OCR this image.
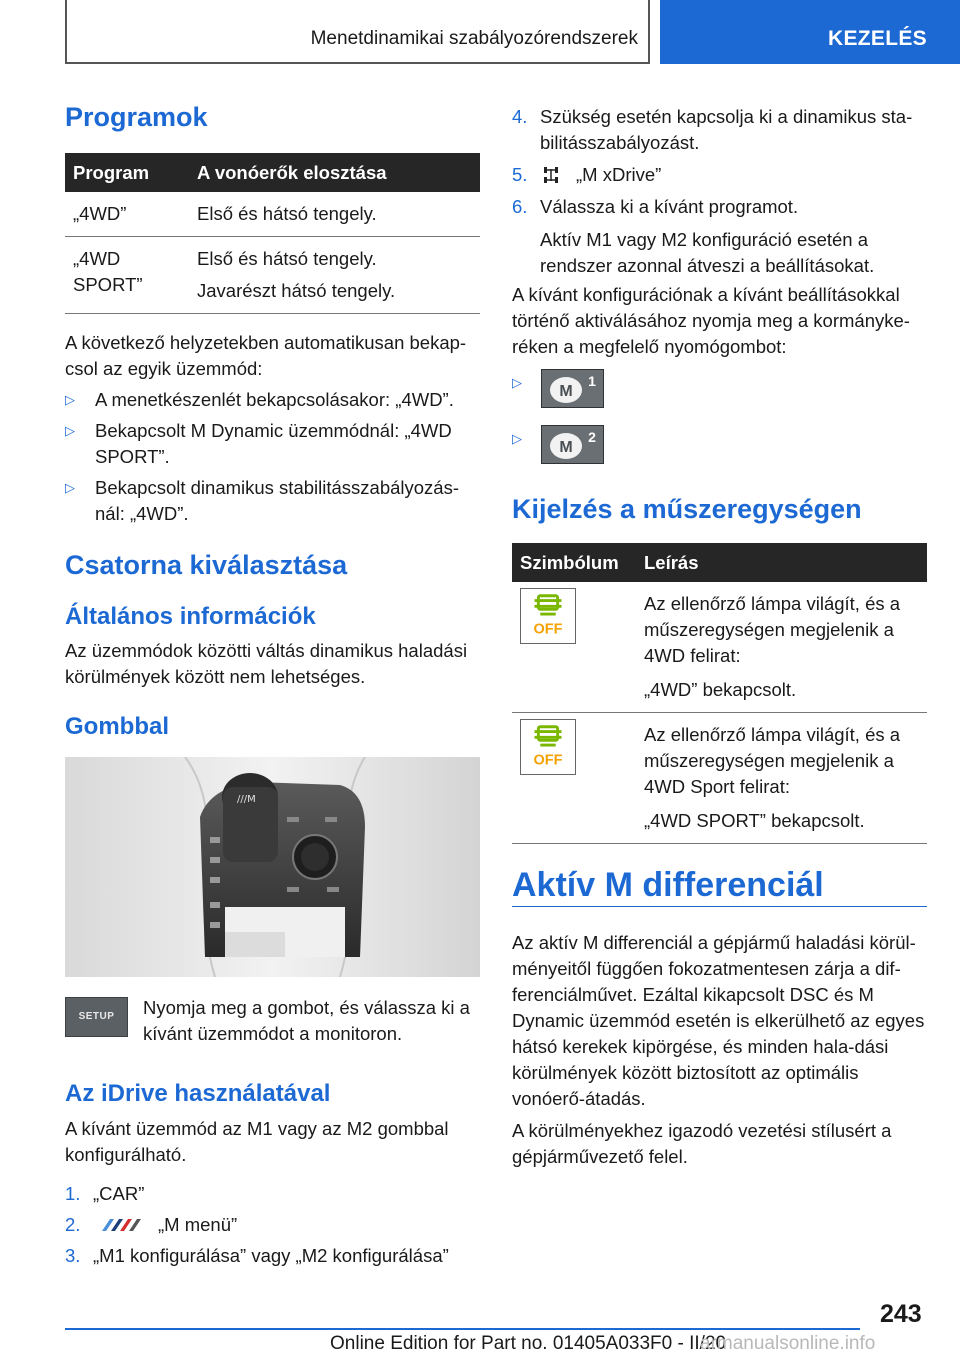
Menetdinamikai szabályozórendszerek	KEZELÉS
Programok
Program	A vonóerők elosztása
„4WD”	Első és hátsó tengely.

„4WD SPORT”	Első és hátsó tengely.
Javarészt hátsó tengely.
A következő helyzetekben automatikusan bekap‐csol az egyik üzemmód:
▷ A menetkészenlét bekapcsolásakor: „4WD”.
▷ Bekapcsolt M Dynamic üzemmódnál: „4WD SPORT”.
▷ Bekapcsolt dinamikus stabilitásszabályozás‐nál: „4WD”.
Csatorna kiválasztása
Általános információk
Az üzemmódok közötti váltás dinamikus haladási körülmények között nem lehetséges.
Gombbal
///M
SETUP	Nyomja meg a gombot, és válassza ki a kívánt üzemmódot a monitoron.
Az iDrive használatával
A kívánt üzemmód az M1 vagy az M2 gombbal konfigurálható.
1. „CAR”
2.	„M menü”
3. „M1 konfigurálása” vagy „M2 konfigurálása”
4. Szükség esetén kapcsolja ki a dinamikus sta‐bilitásszabályozást.
5.	„M xDrive”
6. Válassza ki a kívánt programot.
Aktív M1 vagy M2 konfiguráció esetén a rendszer azonnal átveszi a beállításokat.
A kívánt konfigurációnak a kívánt beállításokkal történő aktiválásához nyomja meg a kormányke‐réken a megfelelő nyomógombot:
▷
M
1
▷
M
2
Kijelzés a műszeregységen
Szimbólum	Leírás

OFF	Az ellenőrző lámpa világít, és a műszeregységen megjelenik a 4WD felirat:
„4WD” bekapcsolt.

OFF	Az ellenőrző lámpa világít, és a műszeregységen megjelenik a 4WD Sport felirat:
„4WD SPORT” bekapcsolt.
Aktív M differenciál

Az aktív M differenciál a gépjármű haladási körül‐ményeitől függően fokozatmentesen zárja a dif‐ferenciálművet. Ezáltal kikapcsolt DSC és M Dynamic üzemmód esetén is elkerülhető az egyes hátsó kerekek kipörgése, és minden hala‐dási körülmények között biztosított az optimális vonóerő-átadás.

A körülményekhez igazodó vezetési stílusért a gépjárművezető felel.

243
Online Edition for Part no. 01405A033F0 - II/20
armanualsonline.info
